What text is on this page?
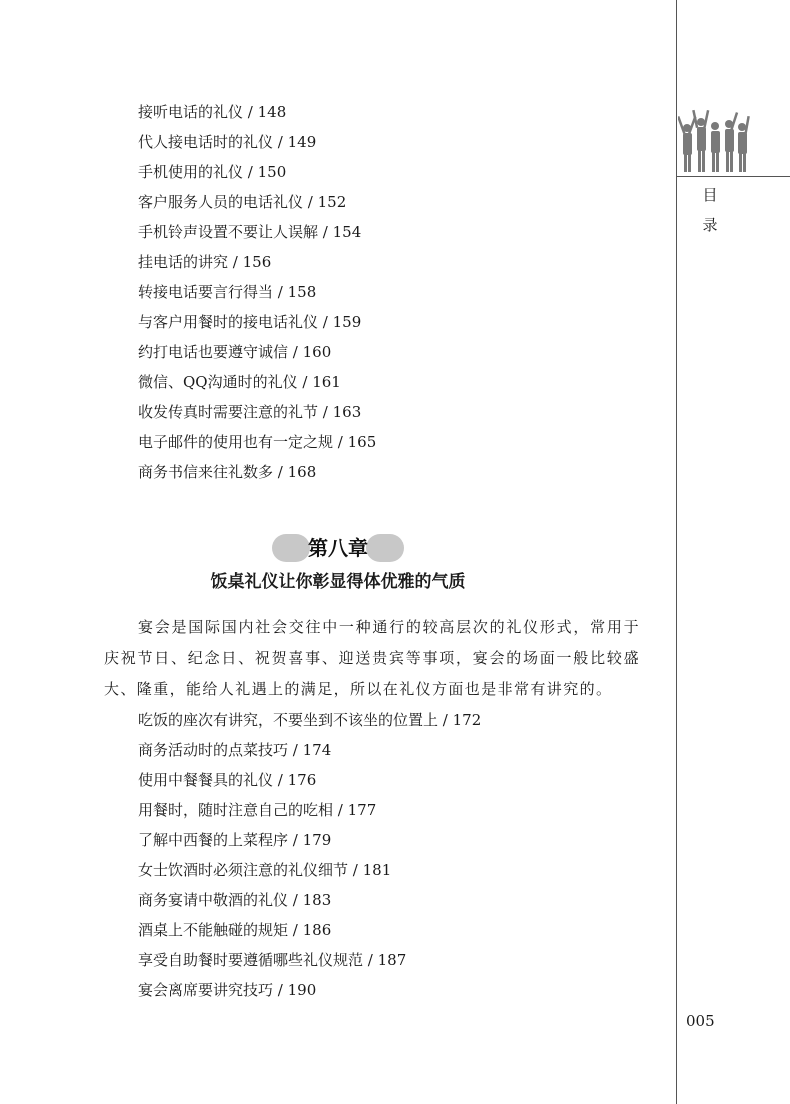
目录
005
接听电话的礼仪 / 148
代人接电话时的礼仪 / 149
手机使用的礼仪 / 150
客户服务人员的电话礼仪 / 152
手机铃声设置不要让人误解 / 154
挂电话的讲究 / 156
转接电话要言行得当 / 158
与客户用餐时的接电话礼仪 / 159
约打电话也要遵守诚信 / 160
微信、QQ沟通时的礼仪 / 161
收发传真时需要注意的礼节 / 163
电子邮件的使用也有一定之规 / 165
商务书信来往礼数多 / 168
第八章
饭桌礼仪让你彰显得体优雅的气质

宴会是国际国内社会交往中一种通行的较高层次的礼仪形式，常用于庆祝节日、纪念日、祝贺喜事、迎送贵宾等事项，宴会的场面一般比较盛大、隆重，能给人礼遇上的满足，所以在礼仪方面也是非常有讲究的。

吃饭的座次有讲究，不要坐到不该坐的位置上 / 172
商务活动时的点菜技巧 / 174
使用中餐餐具的礼仪 / 176
用餐时，随时注意自己的吃相 / 177
了解中西餐的上菜程序 / 179
女士饮酒时必须注意的礼仪细节 / 181
商务宴请中敬酒的礼仪 / 183
酒桌上不能触碰的规矩 / 186
享受自助餐时要遵循哪些礼仪规范 / 187
宴会离席要讲究技巧 / 190
